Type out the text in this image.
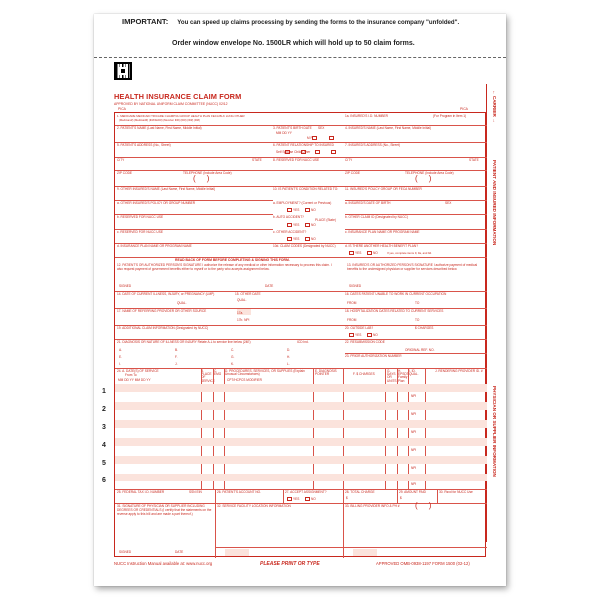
IMPORTANT: You can speed up claims processing by sending the forms to the insurance company "unfolded".
Order window envelope No. 1500LR which will hold up to 50 claim forms.
HEALTH INSURANCE CLAIM FORM
APPROVED BY NATIONAL UNIFORM CLAIM COMMITTEE (NUCC) 02/12
PICA	PICA	← CARRIER →
PATIENT AND INSURED INFORMATION
PHYSICIAN OR SUPPLIER INFORMATION
1. MEDICARE MEDICAID TRICARE CHAMPVA GROUP HEALTH PLAN FECA BLK LUNG OTHER
(Medicare#) (Medicaid#) (ID#/DoD#) (Member ID#) (ID#) (ID#) (ID#)
1a. INSURED'S I.D. NUMBER	(For Program in Item 1)
2. PATIENT'S NAME (Last Name, First Name, Middle Initial)	3. PATIENT'S BIRTH DATE SEX
MM DD YY
M F
4. INSURED'S NAME (Last Name, First Name, Middle Initial)
5. PATIENT'S ADDRESS (No., Street)	6. PATIENT RELATIONSHIP TO INSURED
Self Spouse Child Other
7. INSURED'S ADDRESS (No., Street)
CITY	STATE	8. RESERVED FOR NUCC USE	CITY	STATE
ZIP CODE	TELEPHONE (Include Area Code)
(     )
ZIP CODE	TELEPHONE (Include Area Code)
(     )
9. OTHER INSURED'S NAME (Last Name, First Name, Middle Initial)	10. IS PATIENT'S CONDITION RELATED TO: 11. INSURED'S POLICY GROUP OR FECA NUMBER
a. OTHER INSURED'S POLICY OR GROUP NUMBER	a. EMPLOYMENT? (Current or Previous)
YES	NO
a. INSURED'S DATE OF BIRTH	SEX
b. RESERVED FOR NUCC USE	b. AUTO ACCIDENT?
PLACE (State)
YES	NO
b. OTHER CLAIM ID (Designated by NUCC)
c. RESERVED FOR NUCC USE	c. OTHER ACCIDENT?
YES	NO
c. INSURANCE PLAN NAME OR PROGRAM NAME
d. INSURANCE PLAN NAME OR PROGRAM NAME	10d. CLAIM CODES (Designated by NUCC)	d. IS THERE ANOTHER HEALTH BENEFIT PLAN?
YES	NO	If yes, complete items 9, 9a, and 9d.
READ BACK OF FORM BEFORE COMPLETING & SIGNING THIS FORM.
12. PATIENT'S OR AUTHORIZED PERSON'S SIGNATURE I authorize the release of any medical or other information necessary to process this claim. I also request payment of government benefits either to myself or to the party who accepts assignment below.
13. INSURED'S OR AUTHORIZED PERSON'S SIGNATURE I authorize payment of medical benefits to the undersigned physician or supplier for services described below.
SIGNED	DATE	SIGNED
14. DATE OF CURRENT ILLNESS, INJURY, or PREGNANCY (LMP)
QUAL.
15. OTHER DATE
QUAL.
16. DATES PATIENT UNABLE TO WORK IN CURRENT OCCUPATION
FROM	TO
17. NAME OF REFERRING PROVIDER OR OTHER SOURCE	17a.
17b. NPI
18. HOSPITALIZATION DATES RELATED TO CURRENT SERVICES
FROM	TO
19. ADDITIONAL CLAIM INFORMATION (Designated by NUCC)	20. OUTSIDE LAB?	$ CHARGES
YES	NO
21. DIAGNOSIS OR NATURE OF ILLNESS OR INJURY Relate A-L to service line below (24E)	ICD Ind.
A.	B.	C.	D.
E.	F.	G.	H.
I.	J.	K.	L.
22. RESUBMISSION CODE
ORIGINAL REF. NO.
23. PRIOR AUTHORIZATION NUMBER
24. A. DATE(S) OF SERVICE
From To
MM DD YY MM DD YY
B. PLACE OF SERVICE
C. EMG
D. PROCEDURES, SERVICES, OR SUPPLIES (Explain Unusual Circumstances)
CPT/HCPCS MODIFIER
E. DIAGNOSIS POINTER	F. $ CHARGES
G. DAYS OR UNITS
H. EPSDT Family Plan
I. ID. QUAL.
J. RENDERING PROVIDER ID. #
1
NPI
2
NPI
3
NPI
4
NPI
5
NPI
6	NPI
25. FEDERAL TAX I.D. NUMBER	SSN EIN	26. PATIENT'S ACCOUNT NO.	27. ACCEPT ASSIGNMENT?
YES	NO
28. TOTAL CHARGE
$
29. AMOUNT PAID
$
30. Rsvd for NUCC Use
31. SIGNATURE OF PHYSICIAN OR SUPPLIER INCLUDING DEGREES OR CREDENTIALS (I certify that the statements on the reverse apply to this bill and are made a part thereof.)
32. SERVICE FACILITY LOCATION INFORMATION	33. BILLING PROVIDER INFO & PH # (     )
SIGNED	DATE
NUCC Instruction Manual available at: www.nucc.org	PLEASE PRINT OR TYPE	APPROVED OMB-0938-1197 FORM 1500 (02-12)
